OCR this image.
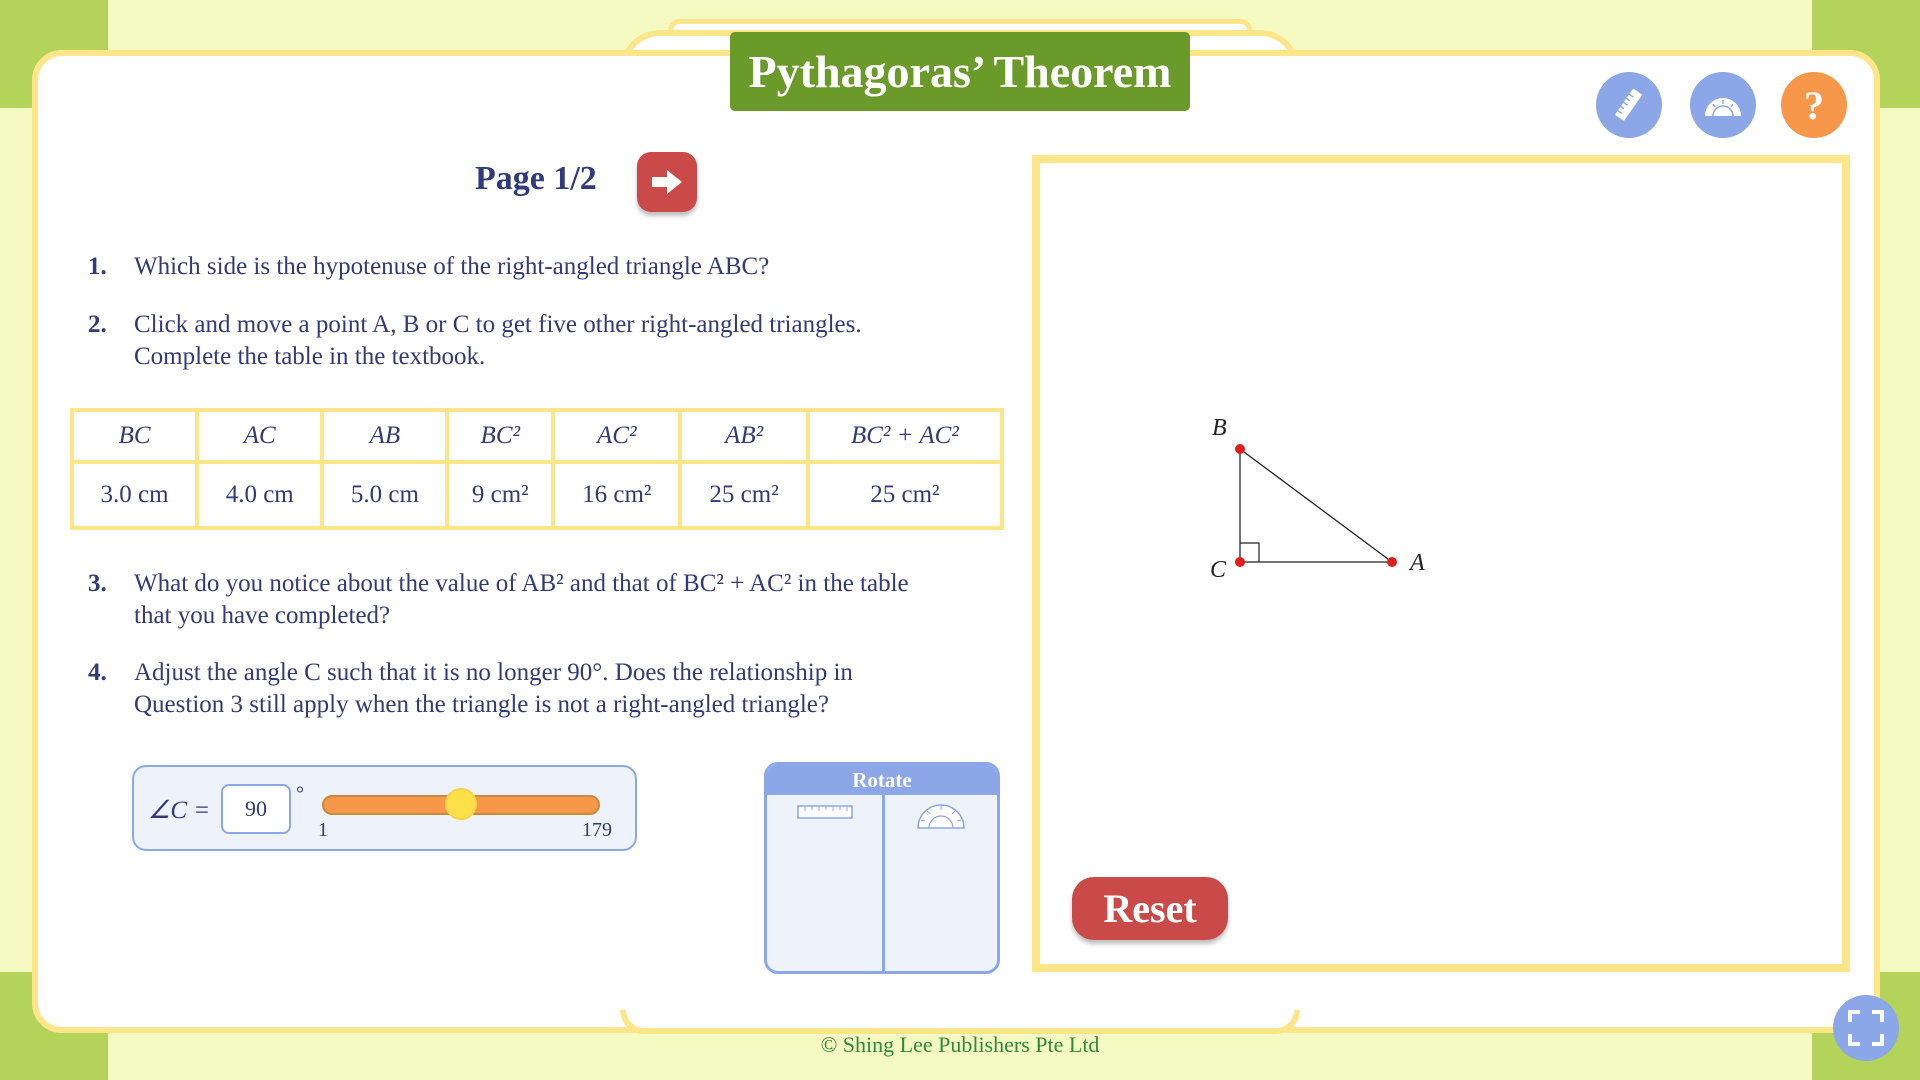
Pythagoras’ Theorem
?
Page 1/2
1. Which side is the hypotenuse of the right-angled triangle ABC?
2. Click and move a point A, B or C to get five other right-angled triangles.
Complete the table in the textbook.
BC	AC	AB	BC²	AC²	AB²	BC² + AC²
3.0 cm	4.0 cm	5.0 cm	9 cm²	16 cm²	25 cm²	25 cm²
3. What do you notice about the value of AB² and that of BC² + AC² in the table
that you have completed?
4. Adjust the angle C such that it is no longer 90°. Does the relationship in
Question 3 still apply when the triangle is not a right-angled triangle?
∠C =
90
°
1	179
Rotate
A
B
C
Reset
© Shing Lee Publishers Pte Ltd
